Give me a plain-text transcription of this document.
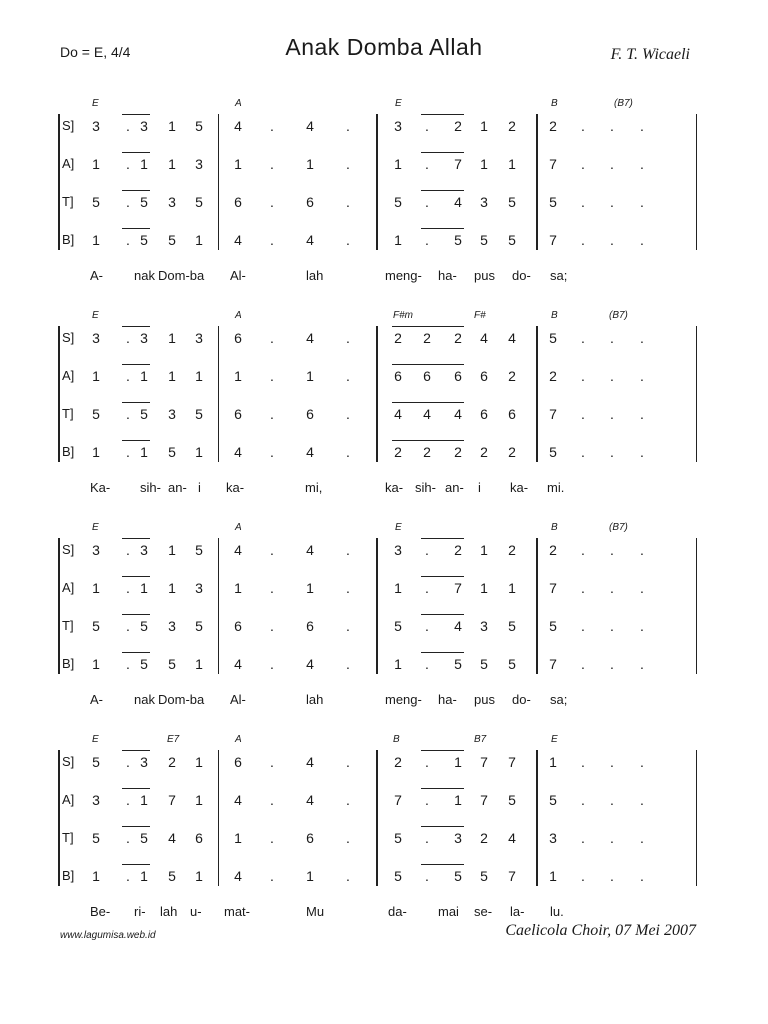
Do = E, 4/4	Anak Domba Allah	F. T. Wicaeli
E	A	E	B	(B7)
S] 3	. 3 1 5 4	.	4	.	3	.	2 1 2 2	.	.	.
A] 1	. 1 1 3 1	.	1	.	1	.	7 1 1 7	.	.	.
T] 5	. 5 3 5 6	.	6	.	5	.	4 3 5 5	.	.	.
B] 1	. 5 5 1 4	.	4	.	1	.	5 5 5 7	.	.	.
A- nak Dom-ba Al-	lah	meng- ha- pus do- sa;
E	A	F#m	F#	B	(B7)
S] 3	. 3 1 3 6	.	4	.	2 2 2 4 4 5	.	.	.
A] 1	. 1 1 1 1	.	1	.	6 6 6 6 2 2	.	.	.
T] 5	. 5 3 5 6	.	6	.	4 4 4 6 6 7	.	.	.
B] 1	. 1 5 1 4	.	4	.	2 2 2 2 2 5	.	.	.
Ka- sih- an- i ka-	mi,	ka- sih- an- i ka- mi.
E	A	E	B	(B7)
S] 3	. 3 1 5 4	.	4	.	3	.	2 1 2 2	.	.	.
A] 1	. 1 1 3 1	.	1	.	1	.	7 1 1 7	.	.	.
T] 5	. 5 3 5 6	.	6	.	5	.	4 3 5 5	.	.	.
B] 1	. 5 5 1 4	.	4	.	1	.	5 5 5 7	.	.	.
A- nak Dom-ba Al-	lah	meng- ha- pus do- sa;
E	E7	A	B	B7	E
S] 5	. 3 2 1 6	.	4	.	2	.	1 7 7 1	.	.	.
A] 3	. 1 7 1 4	.	4	.	7	.	1 7 5 5	.	.	.
T] 5	. 5 4 6 1	.	6	.	5	.	3 2 4 3	.	.	.
B] 1	. 1 5 1 4	.	1	.	5	.	5 5 7 1	.	.	.
Be- ri- lah u- mat-	Mu	da- mai se- la- lu.
www.lagumisa.web.id	Caelicola Choir, 07 Mei 2007
